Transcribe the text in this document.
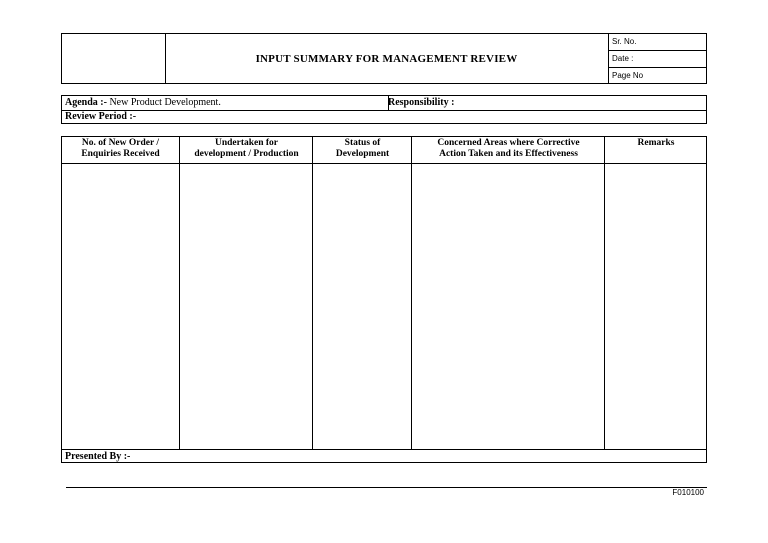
INPUT SUMMARY FOR MANAGEMENT REVIEW
Sr. No.
Date :
Page No
Agenda :- New Product Development.	Responsibility :
Review Period :-
No. of New Order /
Enquiries Received
Undertaken for
development / Production
Status of
Development
Concerned Areas where Corrective
Action Taken and its Effectiveness
Remarks
Presented By :-
F010100
